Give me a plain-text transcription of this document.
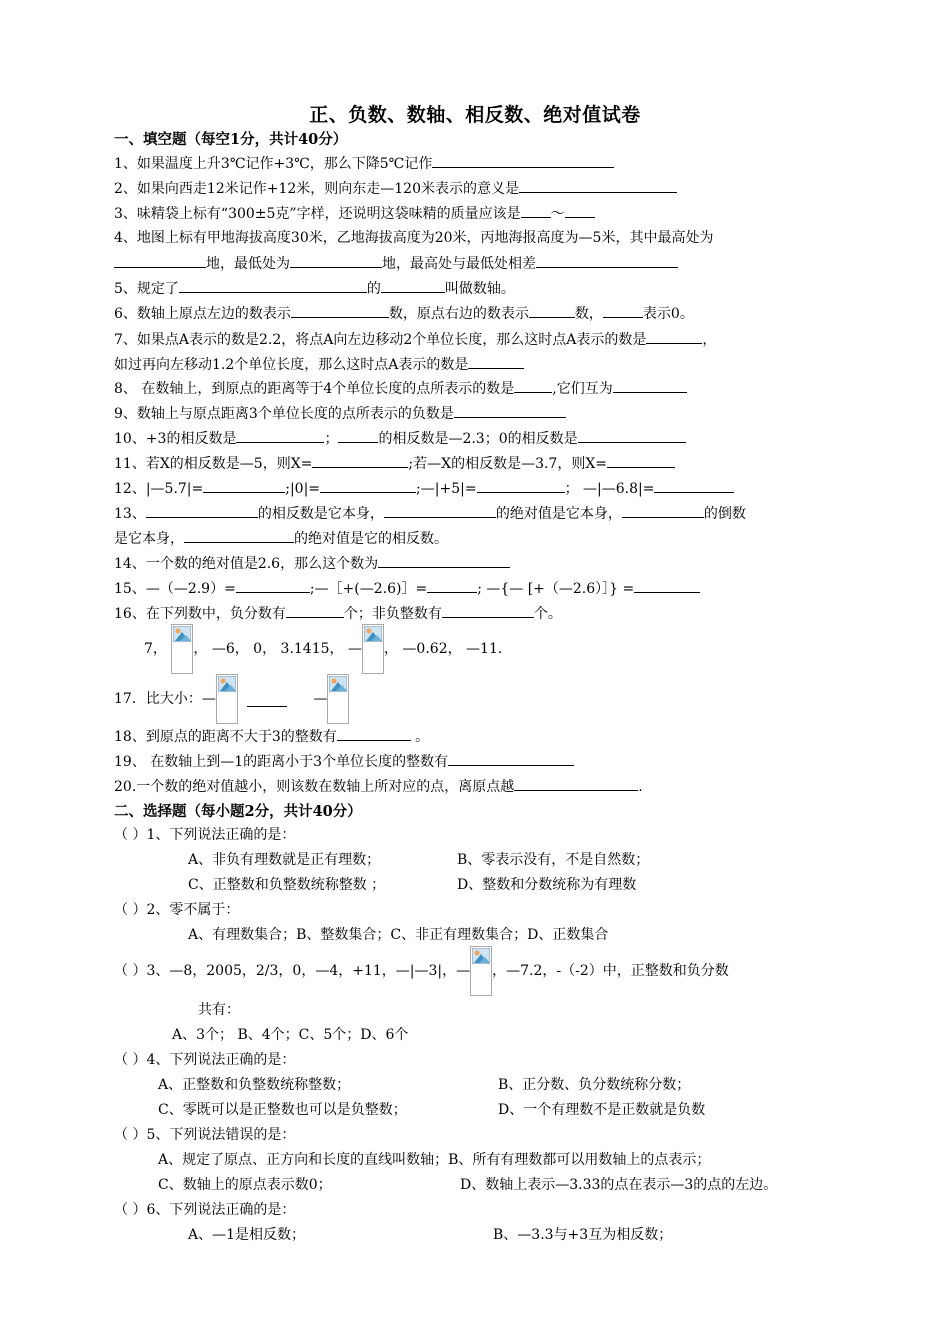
正、负数、数轴、相反数、绝对值试卷
一、填空题（每空1分，共计40分）
1、如果温度上升3℃记作+3℃，那么下降5℃记作
2、如果向西走12米记作+12米，则向东走—120米表示的意义是
3、味精袋上标有“300±5克”字样，还说明这袋味精的质量应该是 ～
4、地图上标有甲地海拔高度30米，乙地海拔高度为20米，丙地海报高度为—5米，其中最高处为
地，最低处为	地，最高处与最低处相差
5、规定了	的	叫做数轴。
6、数轴上原点左边的数表示	数，原点右边的数表示	数，	表示0。
7、如果点A表示的数是2.2，将点A向左边移动2个单位长度，那么这时点A表示的数是	，
如过再向左移动1.2个单位长度，那么这时点A表示的数是
8、 在数轴上，到原点的距离等于4个单位长度的点所表示的数是	,它们互为
9、数轴上与原点距离3个单位长度的点所表示的负数是
10、+3的相反数是	；	的相反数是—2.3；0的相反数是
11、若X的相反数是—5，则X=	;若—X的相反数是—3.7，则X=
12、|—5.7|=	;|0|=	;—|+5|=	； —|—6.8|=
13、	的相反数是它本身，	的绝对值是它本身，	的倒数
是它本身，	的绝对值是它的相反数。
14、一个数的绝对值是2.6，那么这个数为
15、—（—2.9）=	;—［+(—2.6)］=	; —{— [+（—2.6）］} =
16、在下列数中，负分数有	个；非负整数有	个。
7， ， —6， 0， 3.1415， — ， —0.62， —11.
17．比大小：—	—
18、到原点的距离不大于3的整数有	。
19、 在数轴上到—1的距离小于3个单位长度的整数有
20.一个数的绝对值越小，则该数在数轴上所对应的点，离原点越	.
二、选择题（每小题2分，共计40分）
（ ）1、下列说法正确的是：
A、非负有理数就是正有理数；	B、零表示没有，不是自然数；
C、正整数和负整数统称整数 ；	D、整数和分数统称为有理数
（ ）2、零不属于：
A、有理数集合；B、整数集合；C、非正有理数集合；D、正数集合
（ ）3、—8，2005，2/3，0，—4，+11，—|—3|，— ，—7.2，-（-2）中，正整数和负分数
共有：
A、3个； B、4个；C、5个；D、6个
（ ）4、下列说法正确的是：
A、正整数和负整数统称整数；	B、正分数、负分数统称分数；
C、零既可以是正整数也可以是负整数；	D、一个有理数不是正数就是负数
（ ）5、下列说法错误的是：
A、规定了原点、正方向和长度的直线叫数轴；B、所有有理数都可以用数轴上的点表示；
C、数轴上的原点表示数0；	D、数轴上表示—3.33的点在表示—3的点的左边。
（ ）6、下列说法正确的是：
A、—1是相反数；	B、—3.3与+3互为相反数；
